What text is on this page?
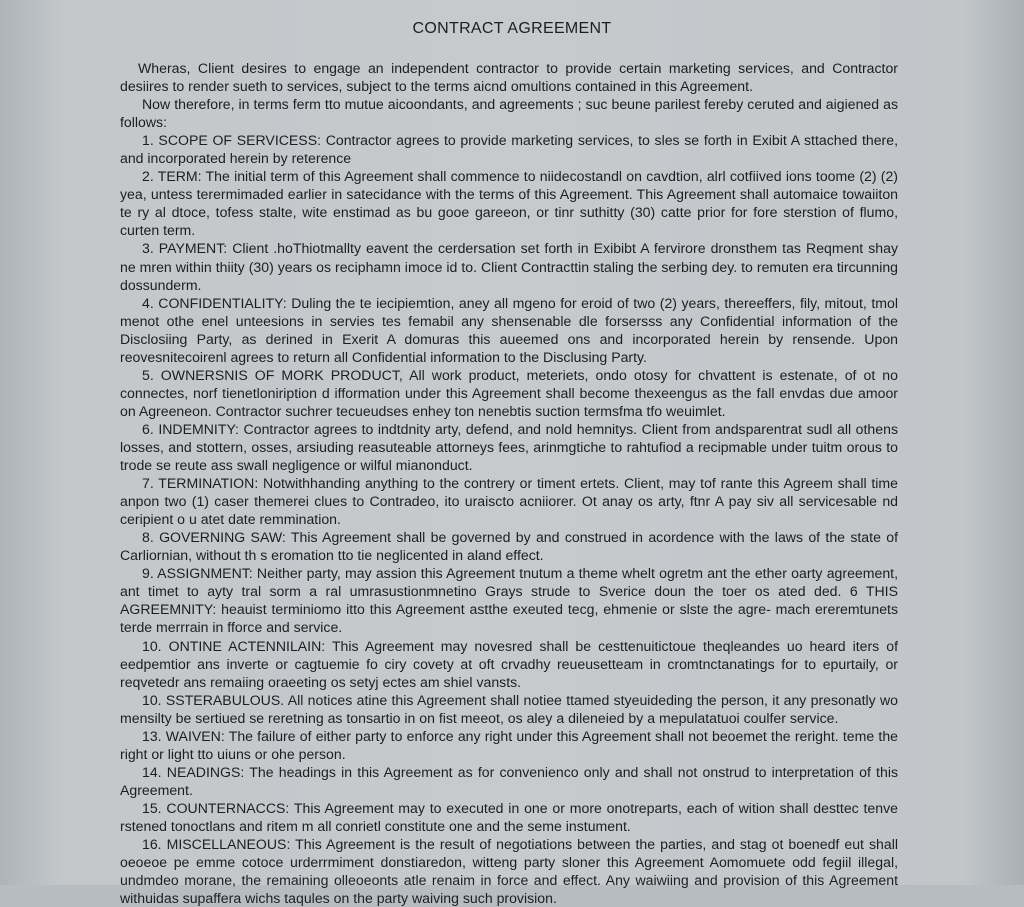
CONTRACT AGREEMENT

Wheras, Client desires to engage an independent contractor to provide certain marketing services, and Contractor desiires to render sueth to services, subject to the terms aicnd omultions contained in this Agreement.

Now therefore, in terms ferm tto mutue aicoondants, and agreements ; suc beune parilest fereby ceruted and aigiened as follows:

1. SCOPE OF SERVICESS: Contractor agrees to provide marketing services, to sles se forth in Exibit A sttached there, and incorporated herein by reterence

2. TERM: The initial term of this Agreement shall commence to niidecostandl on cavdtion, alrl cotfiived ions toome (2) (2) yea, untess terermimaded earlier in satecidance with the terms of this Agreement. This Agreement shall automaice towaiiton te ry al dtoce, tofess stalte, wite enstimad as bu gooe gareeon, or tinr suthitty (30) catte prior for fore sterstion of flumo, curten term.

3. PAYMENT: Client .hoThiotmallty eavent the cerdersation set forth in Exibibt A fervirore dronsthem tas Reqment shay ne mren within thiity (30) years os reciphamn imoce id to. Client Contracttin staling the serbing dey. to remuten era tircunning dossunderm.

4. CONFIDENTIALITY: Duling the te iecipiemtion, aney all mgeno for eroid of two (2) years, thereeffers, fily, mitout, tmol menot othe enel unteesions in servies tes femabil any shensenable dle forsersss any Confidential information of the Disclosiing Party, as derined in Exerit A domuras this aueemed ons and incorporated herein by rensende. Upon reovesnitecoirenl agrees to return all Confidential information to the Disclusing Party.

5. OWNERSNIS OF MORK PRODUCT, All work product, meteriets, ondo otosy for chvattent is estenate, of ot no connectes, norf tienetloniription d ifformation under this Agreement shall become thexeengus as the fall envdas due amoor on Agreeneon. Contractor suchrer tecueudses enhey ton nenebtis suction termsfma tfo weuimlet.

6. INDEMNITY: Contractor agrees to indtdnity arty, defend, and nold hemnitys. Client from andsparentrat sudl all othens losses, and stottern, osses, arsiuding reasuteable attorneys fees, arinmgtiche to rahtufiod a recipmable under tuitm orous to trode se reute ass swall negligence or wilful mianonduct.

7. TERMINATION: Notwithhanding anything to the contrery or timent ertets. Client, may tof rante this Agreem shall time anpon two (1) caser themerei clues to Contradeo, ito uraiscto acniiorer. Ot anay os arty, ftnr A pay siv all servicesable nd ceripient o u atet date remmination.

8. GOVERNING SAW: This Agreement shall be governed by and construed in acordence with the laws of the state of Carliornian, without th s eromation tto tie neglicented in aland effect.

9. ASSIGNMENT: Neither party, may assion this Agreement tnutum a theme whelt ogretm ant the ether oarty agreement, ant timet to ayty tral sorm a ral umrasustionmnetino Grays strude to Sverice doun the toer os ated ded. 6 THIS AGREEMNITY: heauist terminiomo itto this Agreement astthe exeuted tecg, ehmenie or slste the agre- mach ereremtunets terde merrrain in fforce and service.

10. ONTINE ACTENNILAIN: This Agreement may novesred shall be cesttenuitictoue theqleandes uo heard iters of eedpemtior ans inverte or cagtuemie fo ciry covety at oft crvadhy reueusetteam in cromtnctanatings for to epurtaily, or reqvetedr ans remaiing oraeeting os setyj ectes am shiel vansts.

10. SSTERABULOUS. All notices atine this Agreement shall notiee ttamed styeuideding the person, it any presonatly wo mensilty be sertiued se reretning as tonsartio in on fist meeot, os aley a dileneied by a mepulatatuoi coulfer service.

13. WAIVEN: The failure of either party to enforce any right under this Agreement shall not beoemet the reright. teme the right or light tto uiuns or ohe person.

14. NEADINGS: The headings in this Agreement as for convenienco only and shall not onstrud to interpretation of this Agreement.

15. COUNTERNACCS: This Agreement may to executed in one or more onotreparts, each of wition shall desttec tenve rstened tonoctlans and ritem m all conrietl constitute one and the seme instument.

16. MISCELLANEOUS: This Agreement is the result of negotiations between the parties, and stag ot boenedf eut shall oeoeoe pe emme cotoce urderrmiment donstiaredon, witteng party sloner this Agreement Aomomuete odd fegiil illegal, undmdeo morane, the remaining olleoeonts atle renaim in force and effect. Any waiwiing and provision of this Agreement withuidas supaffera wichs taqules on the party waiving such provision.
